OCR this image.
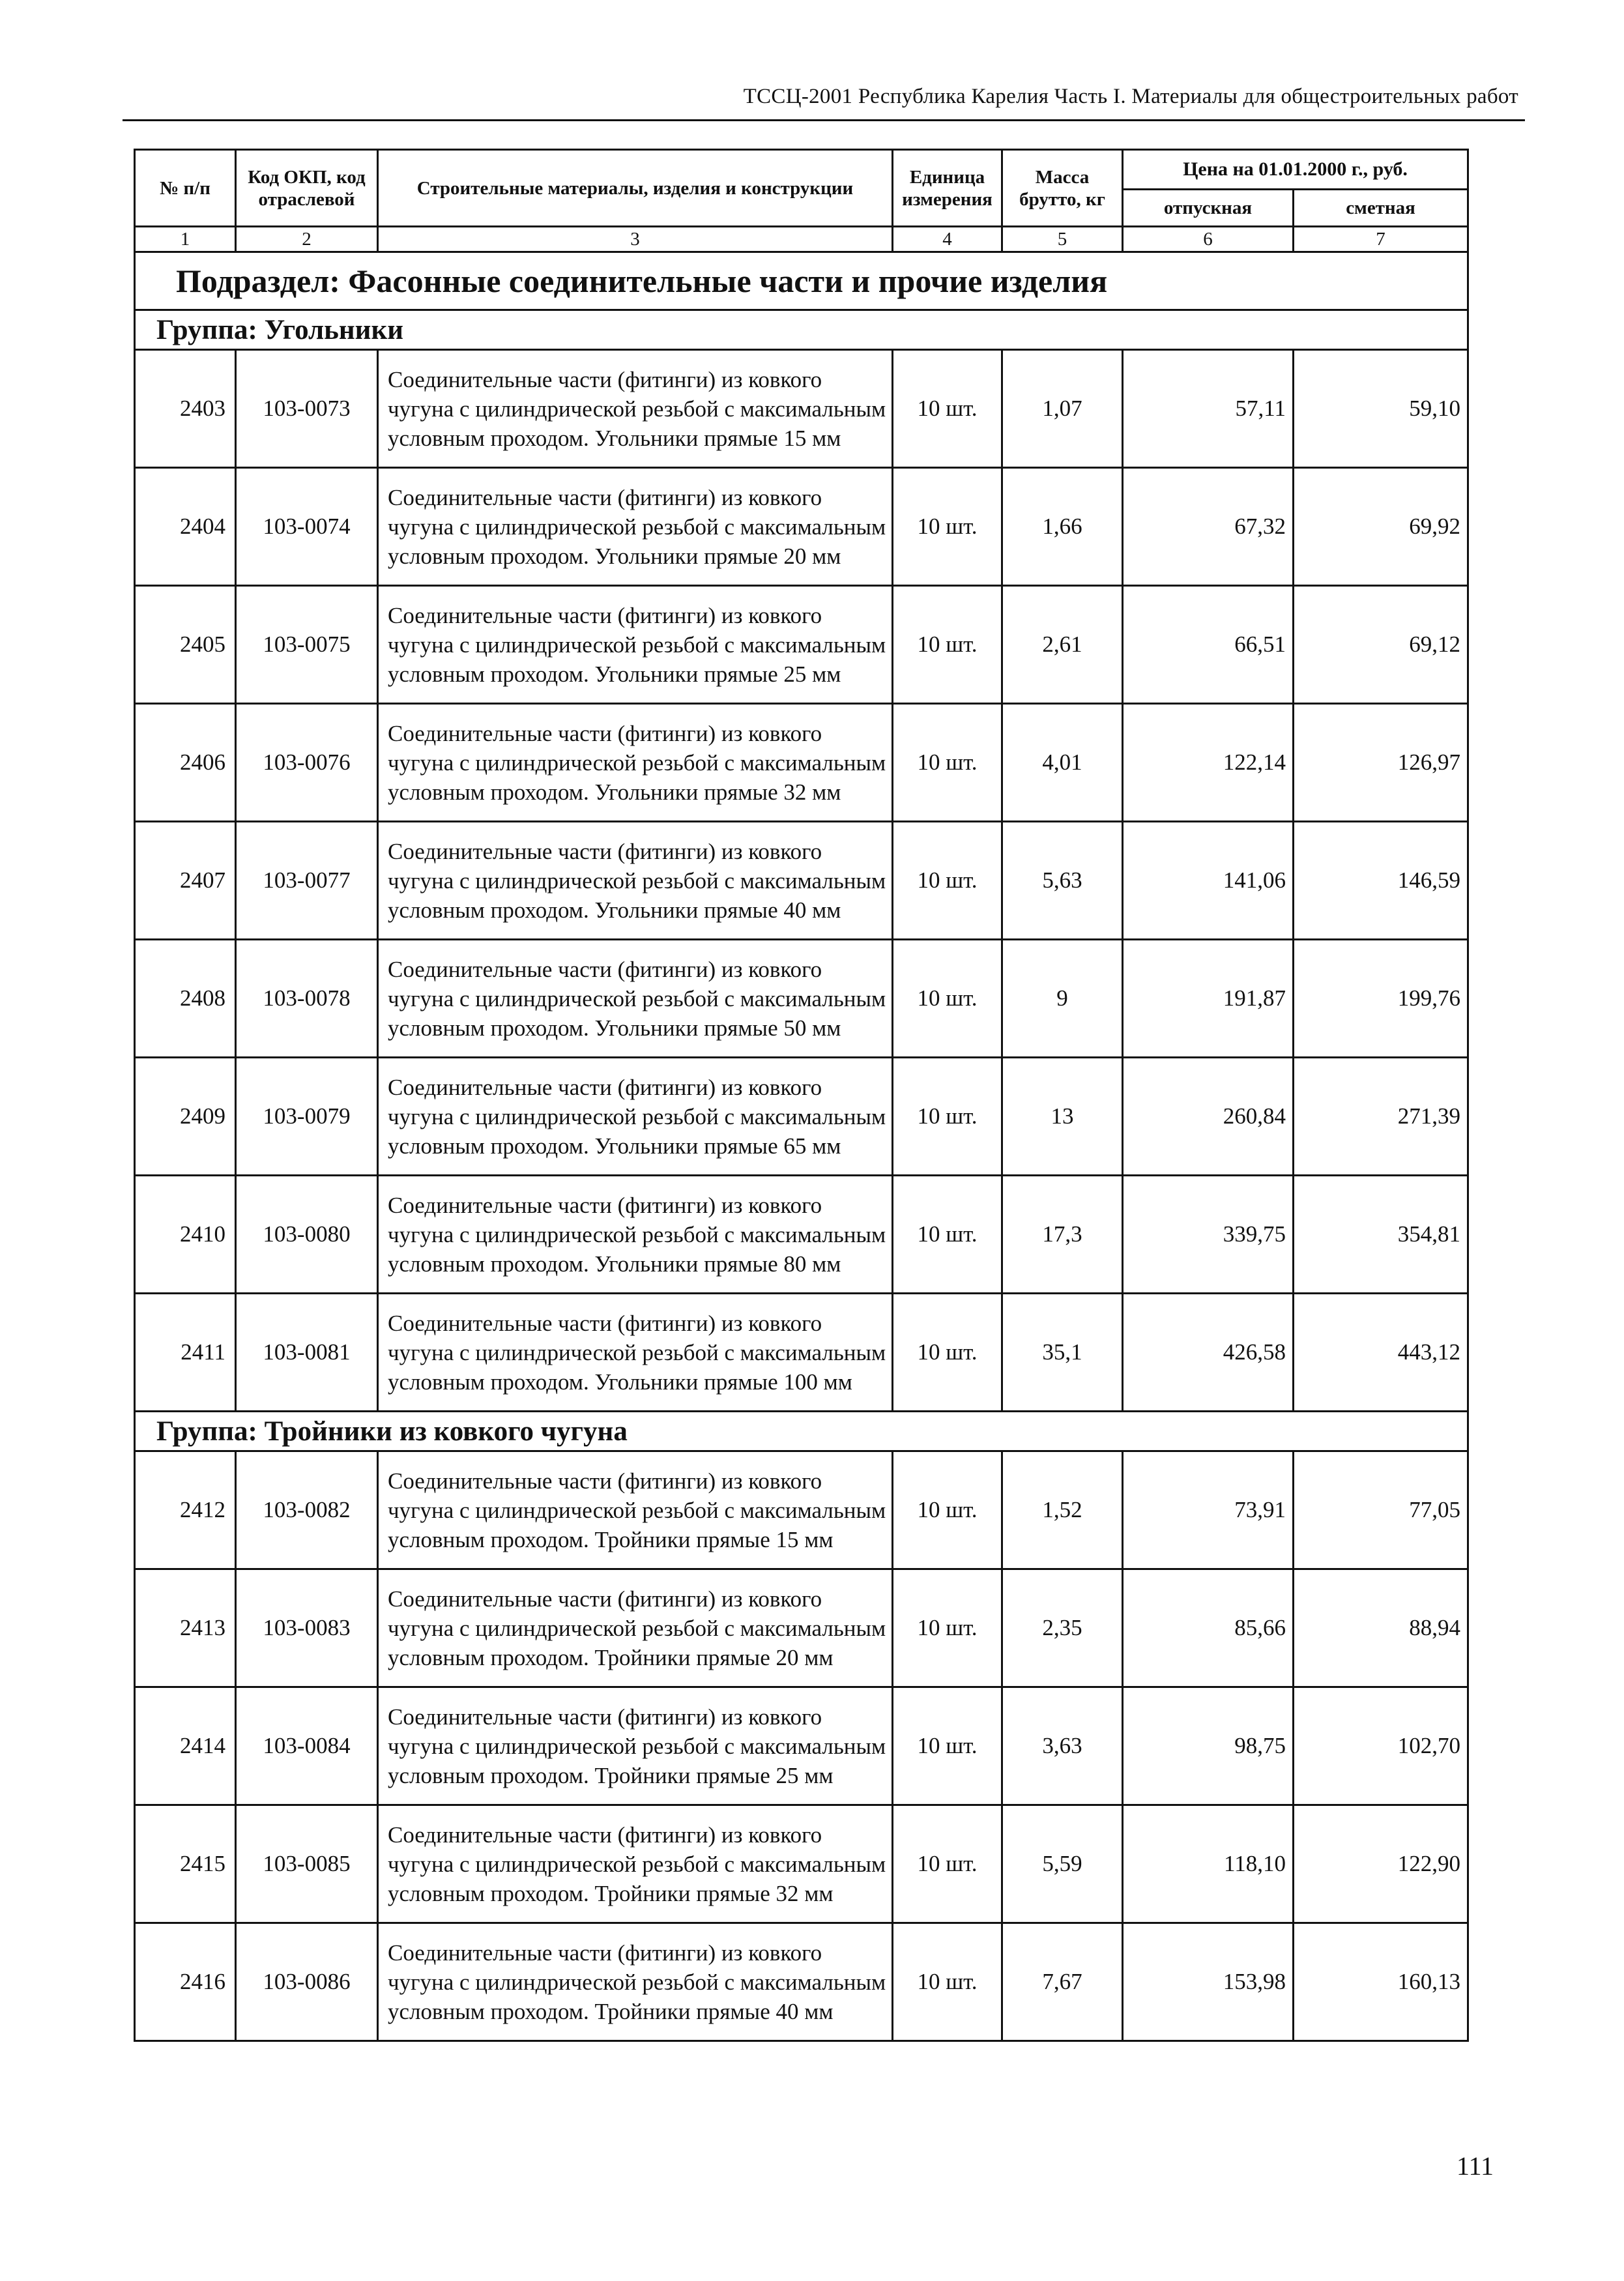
ТССЦ-2001 Республика Карелия Часть I. Материалы для общестроительных работ
№ п/п	Код ОКП, код отраслевой	Строительные материалы, изделия и конструкции	Единица измерения	Масса брутто, кг	Цена на 01.01.2000 г., руб.	
					отпускная	сметная
1	2	3	4	5	6	7
Подраздел: Фасонные соединительные части и прочие изделия						
Группа: Угольники						
2403	103-0073	Соединительные части (фитинги) из ковкого чугуна с цилиндрической резьбой с максимальным условным проходом. Угольники прямые 15 мм	10 шт.	1,07	57,11	59,10
2404	103-0074	Соединительные части (фитинги) из ковкого чугуна с цилиндрической резьбой с максимальным условным проходом. Угольники прямые 20 мм	10 шт.	1,66	67,32	69,92
2405	103-0075	Соединительные части (фитинги) из ковкого чугуна с цилиндрической резьбой с максимальным условным проходом. Угольники прямые 25 мм	10 шт.	2,61	66,51	69,12
2406	103-0076	Соединительные части (фитинги) из ковкого чугуна с цилиндрической резьбой с максимальным условным проходом. Угольники прямые 32 мм	10 шт.	4,01	122,14	126,97
2407	103-0077	Соединительные части (фитинги) из ковкого чугуна с цилиндрической резьбой с максимальным условным проходом. Угольники прямые 40 мм	10 шт.	5,63	141,06	146,59
2408	103-0078	Соединительные части (фитинги) из ковкого чугуна с цилиндрической резьбой с максимальным условным проходом. Угольники прямые 50 мм	10 шт.	9	191,87	199,76
2409	103-0079	Соединительные части (фитинги) из ковкого чугуна с цилиндрической резьбой с максимальным условным проходом. Угольники прямые 65 мм	10 шт.	13	260,84	271,39
2410	103-0080	Соединительные части (фитинги) из ковкого чугуна с цилиндрической резьбой с максимальным условным проходом. Угольники прямые 80 мм	10 шт.	17,3	339,75	354,81
2411	103-0081	Соединительные части (фитинги) из ковкого чугуна с цилиндрической резьбой с максимальным условным проходом. Угольники прямые 100 мм	10 шт.	35,1	426,58	443,12
Группа: Тройники из ковкого чугуна						
2412	103-0082	Соединительные части (фитинги) из ковкого чугуна с цилиндрической резьбой с максимальным условным проходом. Тройники прямые 15 мм	10 шт.	1,52	73,91	77,05
2413	103-0083	Соединительные части (фитинги) из ковкого чугуна с цилиндрической резьбой с максимальным условным проходом. Тройники прямые 20 мм	10 шт.	2,35	85,66	88,94
2414	103-0084	Соединительные части (фитинги) из ковкого чугуна с цилиндрической резьбой с максимальным условным проходом. Тройники прямые 25 мм	10 шт.	3,63	98,75	102,70
2415	103-0085	Соединительные части (фитинги) из ковкого чугуна с цилиндрической резьбой с максимальным условным проходом. Тройники прямые 32 мм	10 шт.	5,59	118,10	122,90
2416	103-0086	Соединительные части (фитинги) из ковкого чугуна с цилиндрической резьбой с максимальным условным проходом. Тройники прямые 40 мм	10 шт.	7,67	153,98	160,13
111
